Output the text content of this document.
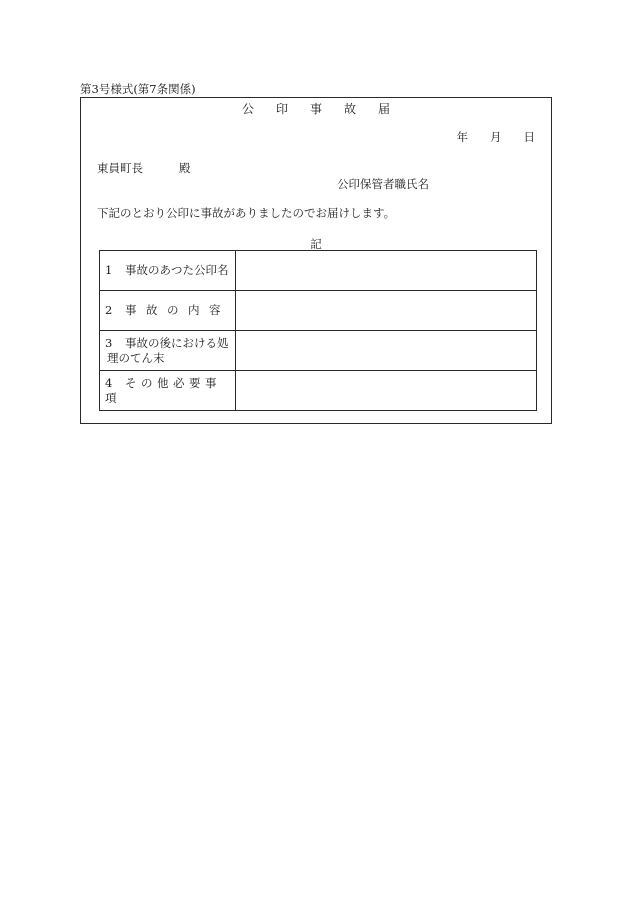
第3号様式(第7条関係)
公 印 事 故 届
年 月 日
東員町長	殿
公印保管者職氏名
下記のとおり公印に事故がありましたのでお届けします。
記
1 事故のあつた公印名	
2 事故の内容	
3 事故の後における処
理のてん末	

4 その他必要事項	
